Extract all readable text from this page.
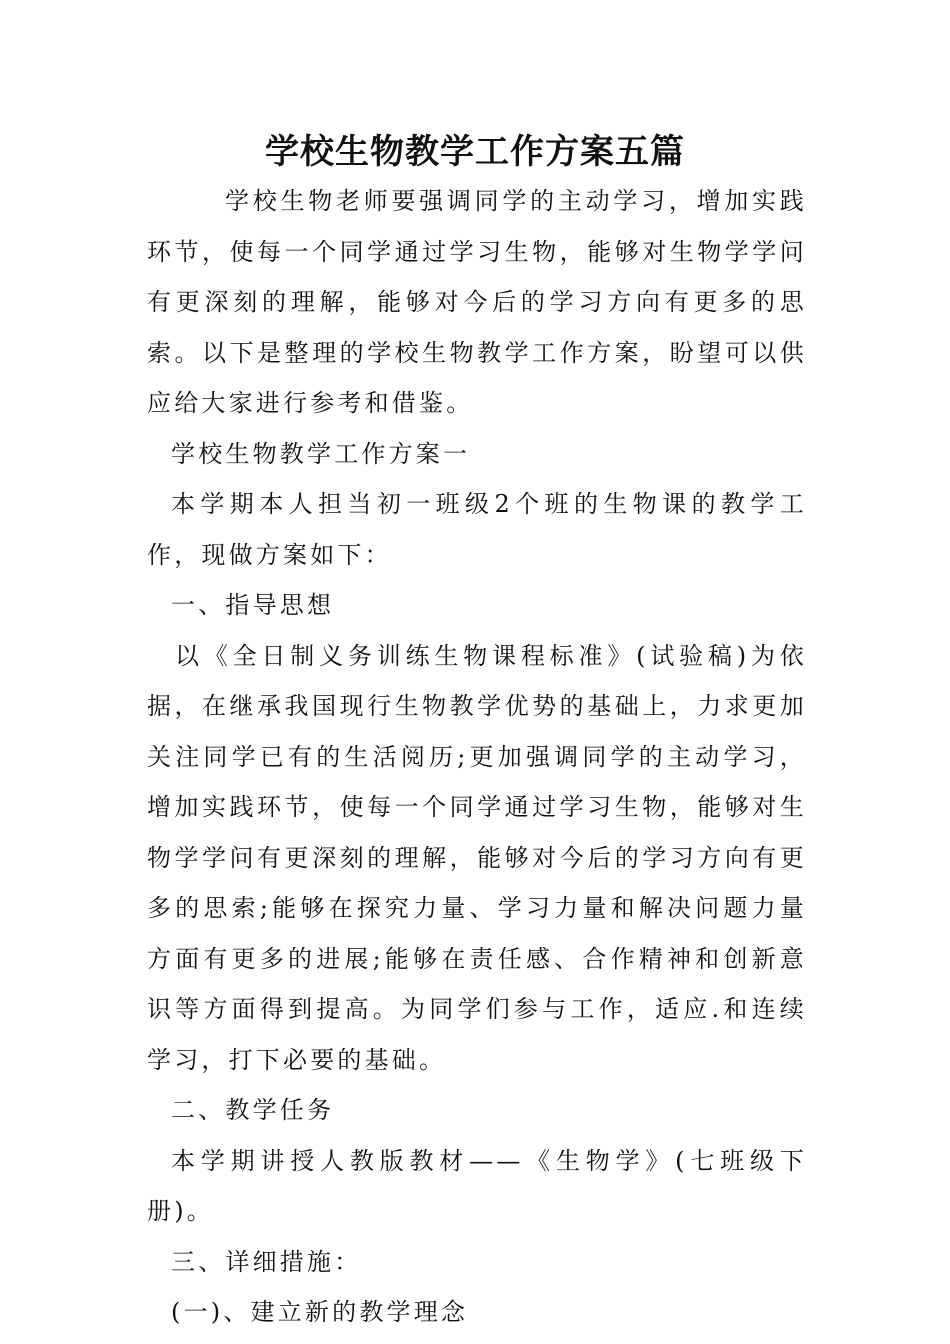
学校生物教学工作方案五篇

学校生物老师要强调同学的主动学习，增加实践环节，使每一个同学通过学习生物，能够对生物学学问有更深刻的理解，能够对今后的学习方向有更多的思索。以下是整理的学校生物教学工作方案，盼望可以供应给大家进行参考和借鉴。

学校生物教学工作方案一

本学期本人担当初一班级2个班的生物课的教学工作，现做方案如下：

一、指导思想

以《全日制义务训练生物课程标准》(试验稿)为依据，在继承我国现行生物教学优势的基础上，力求更加关注同学已有的生活阅历;更加强调同学的主动学习，增加实践环节，使每一个同学通过学习生物，能够对生物学学问有更深刻的理解，能够对今后的学习方向有更多的思索;能够在探究力量、学习力量和解决问题力量方面有更多的进展;能够在责任感、合作精神和创新意识等方面得到提高。为同学们参与工作，适应.和连续学习，打下必要的基础。

二、教学任务

本学期讲授人教版教材——《生物学》(七班级下册)。

三、详细措施：

(一)、建立新的教学理念
